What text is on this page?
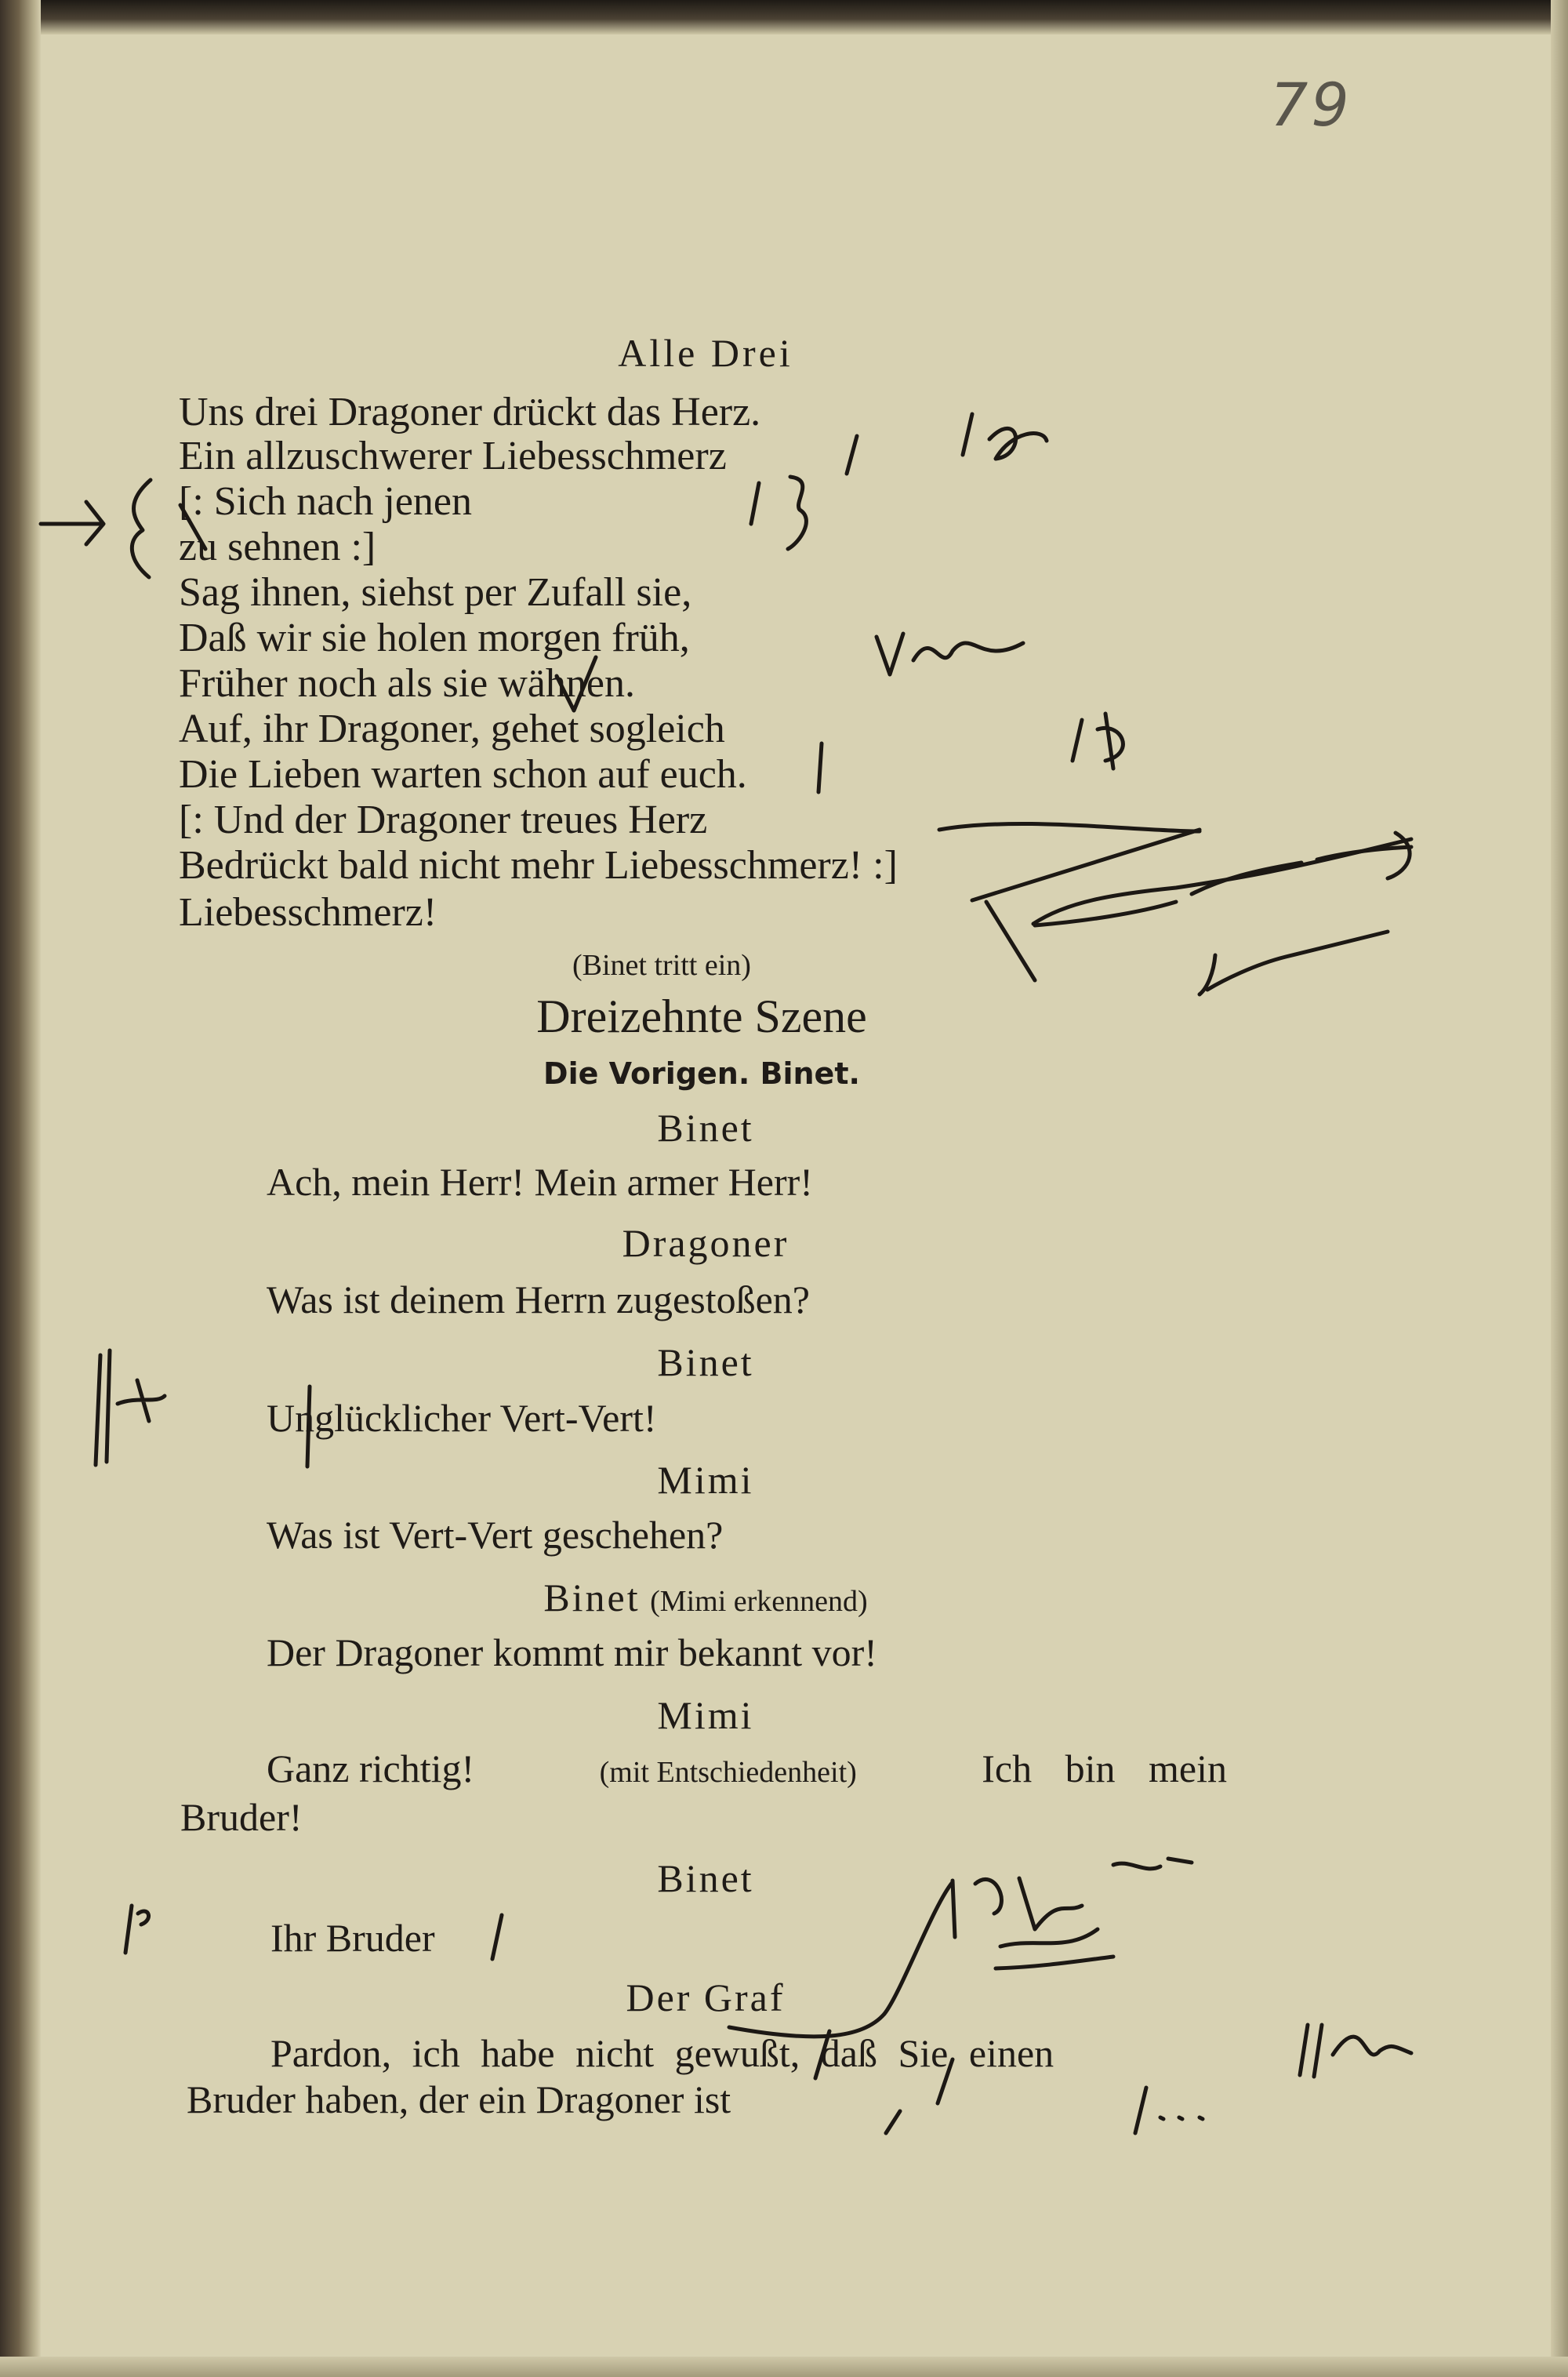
79
Alle Drei
Uns drei Dragoner drückt das Herz.
Ein allzuschwerer Liebesschmerz
[: Sich nach jenen
zu sehnen :]
Sag ihnen, siehst per Zufall sie,
Daß wir sie holen morgen früh,
Früher noch als sie wähnen.
Auf, ihr Dragoner, gehet sogleich
Die Lieben warten schon auf euch.
[: Und der Dragoner treues Herz
Bedrückt bald nicht mehr Liebesschmerz! :]
Liebesschmerz!
(Binet tritt ein)
Dreizehnte Szene
Die Vorigen. Binet.
Binet
Ach, mein Herr! Mein armer Herr!
Dragoner
Was ist deinem Herrn zugestoßen?
Binet
Unglücklicher Vert-Vert!
Mimi
Was ist Vert-Vert geschehen?
Binet (Mimi erkennend)
Der Dragoner kommt mir bekannt vor!
Mimi
Ganz richtig!	(mit Entschiedenheit)	Ich bin mein
Bruder!
Binet
Ihr Bruder
Der Graf
Pardon, ich habe nicht gewußt, daß Sie einen
Bruder haben, der ein Dragoner ist
